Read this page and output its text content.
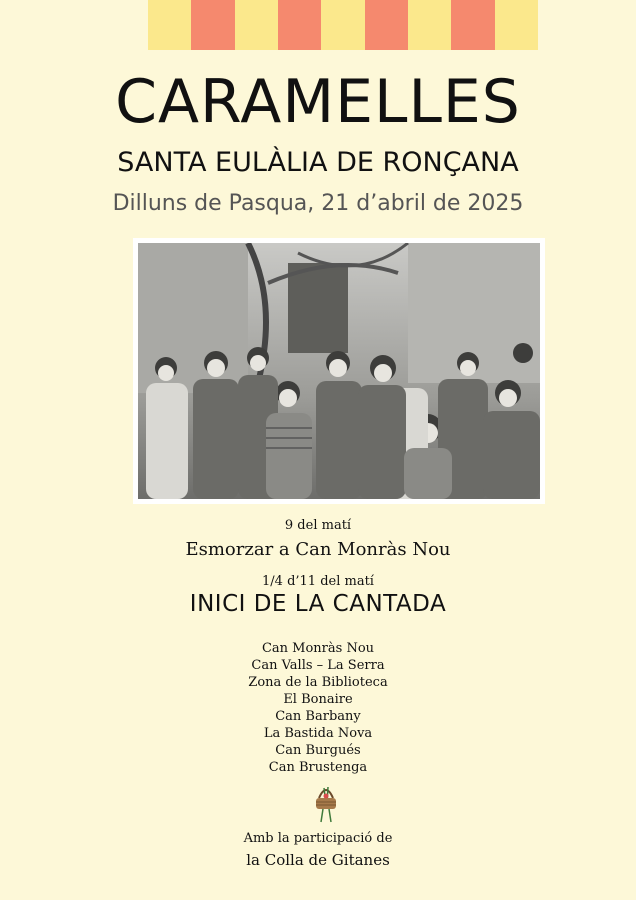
CARAMELLES
SANTA EULÀLIA DE RONÇANA
Dilluns de Pasqua, 21 d’abril de 2025
9 del matí
Esmorzar a Can Monràs Nou
1/4 d’11 del matí
INICI DE LA CANTADA
Can Monràs Nou
Can Valls – La Serra
Zona de la Biblioteca
El Bonaire
Can Barbany
La Bastida Nova
Can Burgués
Can Brustenga
Amb la participació de
la Colla de Gitanes
